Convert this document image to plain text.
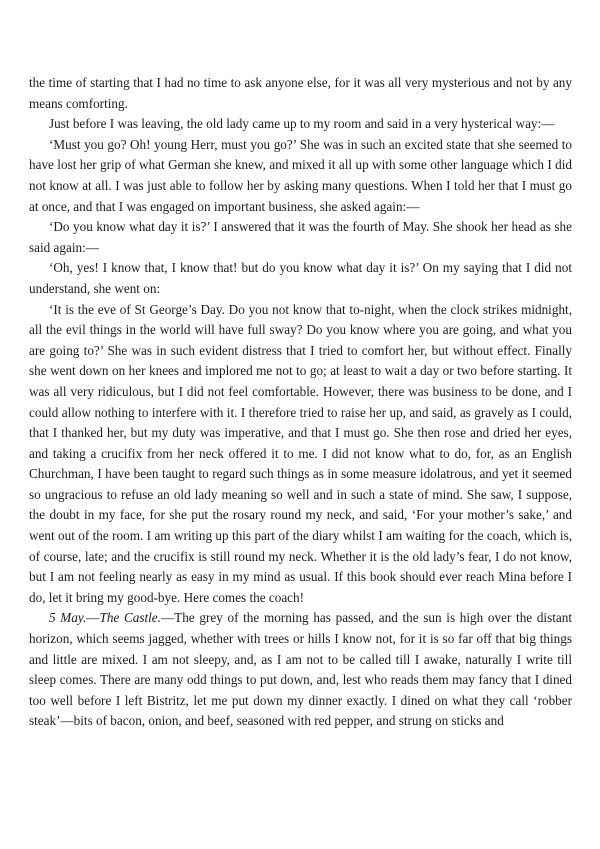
the time of starting that I had no time to ask anyone else, for it was all very mysterious and not by any means comforting.

Just before I was leaving, the old lady came up to my room and said in a very hysterical way:—

‘Must you go? Oh! young Herr, must you go?’ She was in such an excited state that she seemed to have lost her grip of what German she knew, and mixed it all up with some other language which I did not know at all. I was just able to follow her by asking many questions. When I told her that I must go at once, and that I was engaged on important business, she asked again:—

‘Do you know what day it is?’ I answered that it was the fourth of May. She shook her head as she said again:—

‘Oh, yes! I know that, I know that! but do you know what day it is?’ On my saying that I did not understand, she went on:

‘It is the eve of St George’s Day. Do you not know that to-night, when the clock strikes midnight, all the evil things in the world will have full sway? Do you know where you are going, and what you are going to?’ She was in such evident distress that I tried to comfort her, but without effect. Finally she went down on her knees and implored me not to go; at least to wait a day or two before starting. It was all very ridiculous, but I did not feel comfortable. However, there was business to be done, and I could allow nothing to interfere with it. I therefore tried to raise her up, and said, as gravely as I could, that I thanked her, but my duty was imperative, and that I must go. She then rose and dried her eyes, and taking a crucifix from her neck offered it to me. I did not know what to do, for, as an English Churchman, I have been taught to regard such things as in some measure idolatrous, and yet it seemed so ungracious to refuse an old lady meaning so well and in such a state of mind. She saw, I suppose, the doubt in my face, for she put the rosary round my neck, and said, ‘For your mother’s sake,’ and went out of the room. I am writing up this part of the diary whilst I am waiting for the coach, which is, of course, late; and the crucifix is still round my neck. Whether it is the old lady’s fear, I do not know, but I am not feeling nearly as easy in my mind as usual. If this book should ever reach Mina before I do, let it bring my good-bye. Here comes the coach!

5 May.—The Castle.—The grey of the morning has passed, and the sun is high over the distant horizon, which seems jagged, whether with trees or hills I know not, for it is so far off that big things and little are mixed. I am not sleepy, and, as I am not to be called till I awake, naturally I write till sleep comes. There are many odd things to put down, and, lest who reads them may fancy that I dined too well before I left Bistritz, let me put down my dinner exactly. I dined on what they call ‘robber steak’—bits of bacon, onion, and beef, seasoned with red pepper, and strung on sticks and
